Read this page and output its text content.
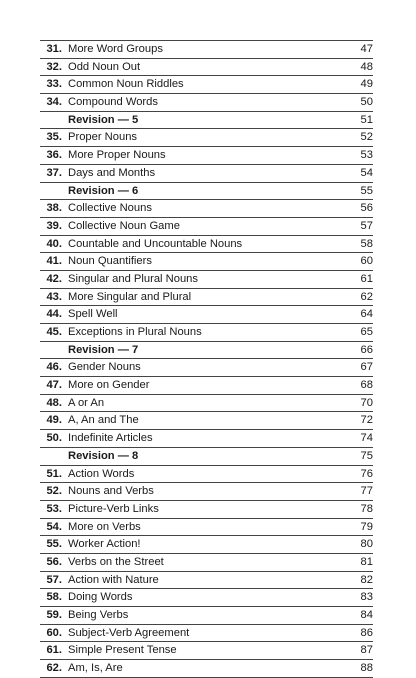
31. More Word Groups	47
32. Odd Noun Out	48
33. Common Noun Riddles	49
34. Compound Words	50
Revision — 5	51
35. Proper Nouns	52
36. More Proper Nouns	53
37. Days and Months	54
Revision — 6	55
38. Collective Nouns	56
39. Collective Noun Game	57
40. Countable and Uncountable Nouns	58
41. Noun Quantifiers	60
42. Singular and Plural Nouns	61
43. More Singular and Plural	62
44. Spell Well	64
45. Exceptions in Plural Nouns	65
Revision — 7	66
46. Gender Nouns	67
47. More on Gender	68
48. A or An	70
49. A, An and The	72
50. Indefinite Articles	74
Revision — 8	75
51. Action Words	76
52. Nouns and Verbs	77
53. Picture-Verb Links	78
54. More on Verbs	79
55. Worker Action!	80
56. Verbs on the Street	81
57. Action with Nature	82
58. Doing Words	83
59. Being Verbs	84
60. Subject-Verb Agreement	86
61. Simple Present Tense	87
62. Am, Is, Are	88
